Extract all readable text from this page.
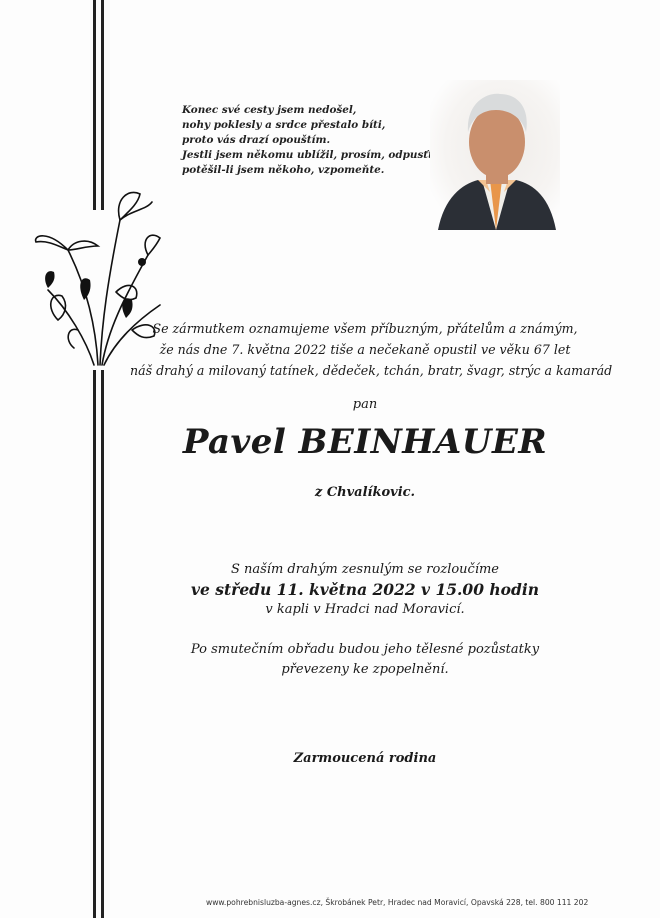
Konec své cesty jsem nedošel,
nohy poklesly a srdce přestalo bíti,
proto vás drazí opouštím.
Jestli jsem někomu ublížil, prosím, odpusťte mi,
potěšil-li jsem někoho, vzpomeňte.
Se zármutkem oznamujeme všem příbuzným, přátelům a známým,
že nás dne 7. května 2022 tiše a nečekaně opustil ve věku 67 let
náš drahý a milovaný tatínek, dědeček, tchán, bratr, švagr, strýc a kamarád
pan
Pavel BEINHAUER
z Chvalíkovic.
S naším drahým zesnulým se rozloučíme
ve středu 11. května 2022 v 15.00 hodin
v kapli v Hradci nad Moravicí.
Po smutečním obřadu budou jeho tělesné pozůstatky
převezeny ke zpopelnění.
Zarmoucená rodina
www.pohrebnisluzba-agnes.cz, Škrobánek Petr, Hradec nad Moravicí, Opavská 228, tel. 800 111 202
